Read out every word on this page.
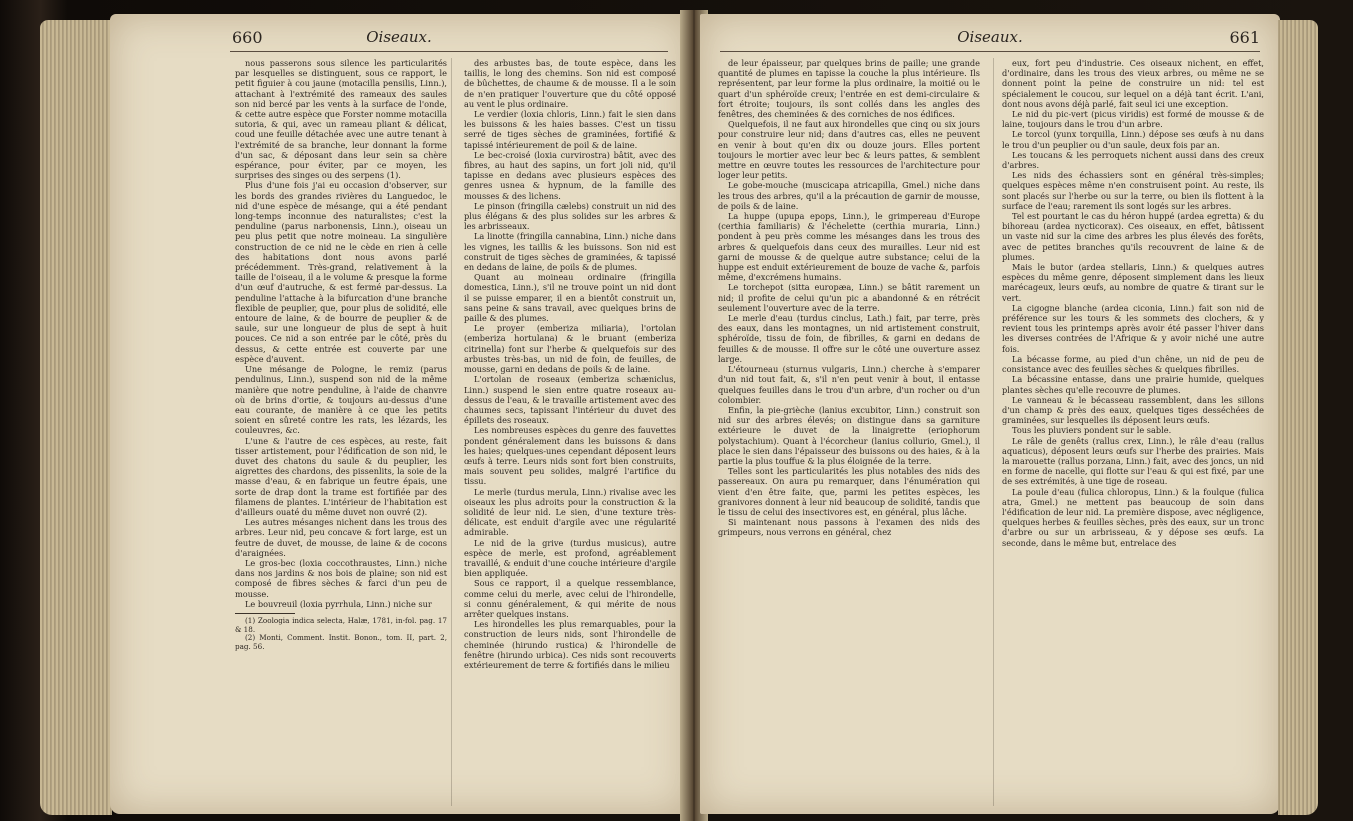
660	Oiseaux.

nous passerons sous silence les particularités par lesquelles se distinguent, sous ce rapport, le petit figuier à cou jaune (motacilla pensilis, Linn.), attachant à l'extrémité des rameaux des saules son nid bercé par les vents à la surface de l'onde, & cette autre espèce que Forster nomme motacilla sutoria, & qui, avec un rameau pliant & délicat, coud une feuille détachée avec une autre tenant à l'extrémité de sa branche, leur donnant la forme d'un sac, & déposant dans leur sein sa chère espérance, pour éviter, par ce moyen, les surprises des singes ou des serpens (1).

Plus d'une fois j'ai eu occasion d'observer, sur les bords des grandes rivières du Languedoc, le nid d'une espèce de mésange, qui a été pendant long-temps inconnue des naturalistes; c'est la penduline (parus narbonensis, Linn.), oiseau un peu plus petit que notre moineau. La singulière construction de ce nid ne le cède en rien à celle des habitations dont nous avons parlé précédemment. Très-grand, relativement à la taille de l'oiseau, il a le volume & presque la forme d'un œuf d'autruche, & est fermé par-dessus. La penduline l'attache à la bifurcation d'une branche flexible de peuplier, que, pour plus de solidité, elle entoure de laine, & de bourre de peuplier & de saule, sur une longueur de plus de sept à huit pouces. Ce nid a son entrée par le côté, près du dessus, & cette entrée est couverte par une espèce d'auvent.

Une mésange de Pologne, le remiz (parus pendulinus, Linn.), suspend son nid de la même manière que notre penduline, à l'aide de chanvre où de brins d'ortie, & toujours au-dessus d'une eau courante, de manière à ce que les petits soient en sûreté contre les rats, les lézards, les couleuvres, &c.

L'une & l'autre de ces espèces, au reste, fait tisser artistement, pour l'édification de son nid, le duvet des chatons du saule & du peuplier, les aigrettes des chardons, des pissenlits, la soie de la masse d'eau, & en fabrique un feutre épais, une sorte de drap dont la trame est fortifiée par des filamens de plantes. L'intérieur de l'habitation est d'ailleurs ouaté du même duvet non ouvré (2).

Les autres mésanges nichent dans les trous des arbres. Leur nid, peu concave & fort large, est un feutre de duvet, de mousse, de laine & de cocons d'araignées.

Le gros-bec (loxia coccothraustes, Linn.) niche dans nos jardins & nos bois de plaine; son nid est composé de fibres sèches & farci d'un peu de mousse.

Le bouvreuil (loxia pyrrhula, Linn.) niche sur

(1) Zoologia indica selecta, Halæ, 1781, in-fol. pag. 17 & 18.

(2) Monti, Comment. Instit. Bonon., tom. II, part. 2, pag. 56.

des arbustes bas, de toute espèce, dans les taillis, le long des chemins. Son nid est composé de bûchettes, de chaume & de mousse. Il a le soin de n'en pratiquer l'ouverture que du côté opposé au vent le plus ordinaire.

Le verdier (loxia chloris, Linn.) fait le sien dans les buissons & les haies basses. C'est un tissu serré de tiges sèches de graminées, fortifié & tapissé intérieurement de poil & de laine.

Le bec-croisé (loxia curvirostra) bâtit, avec des fibres, au haut des sapins, un fort joli nid, qu'il tapisse en dedans avec plusieurs espèces des genres usnea & hypnum, de la famille des mousses & des lichens.

Le pinson (fringilla cælebs) construit un nid des plus élégans & des plus solides sur les arbres & les arbrisseaux.

La linotte (fringilla cannabina, Linn.) niche dans les vignes, les taillis & les buissons. Son nid est construit de tiges sèches de graminées, & tapissé en dedans de laine, de poils & de plumes.

Quant au moineau ordinaire (fringilla domestica, Linn.), s'il ne trouve point un nid dont il se puisse emparer, il en a bientôt construit un, sans peine & sans travail, avec quelques brins de paille & des plumes.

Le proyer (emberiza miliaria), l'ortolan (emberiza hortulana) & le bruant (emberiza citrinella) font sur l'herbe & quelquefois sur des arbustes très-bas, un nid de foin, de feuilles, de mousse, garni en dedans de poils & de laine.

L'ortolan de roseaux (emberiza schæniclus, Linn.) suspend le sien entre quatre roseaux au-dessus de l'eau, & le travaille artistement avec des chaumes secs, tapissant l'intérieur du duvet des épillets des roseaux.

Les nombreuses espèces du genre des fauvettes pondent généralement dans les buissons & dans les haies; quelques-unes cependant déposent leurs œufs à terre. Leurs nids sont fort bien construits, mais souvent peu solides, malgré l'artifice du tissu.

Le merle (turdus merula, Linn.) rivalise avec les oiseaux les plus adroits pour la construction & la solidité de leur nid. Le sien, d'une texture très-délicate, est enduit d'argile avec une régularité admirable.

Le nid de la grive (turdus musicus), autre espèce de merle, est profond, agréablement travaillé, & enduit d'une couche intérieure d'argile bien appliquée.

Sous ce rapport, il a quelque ressemblance, comme celui du merle, avec celui de l'hirondelle, si connu généralement, & qui mérite de nous arrêter quelques instans.

Les hirondelles les plus remarquables, pour la construction de leurs nids, sont l'hirondelle de cheminée (hirundo rustica) & l'hirondelle de fenêtre (hirundo urbica). Ces nids sont recouverts extérieurement de terre & fortifiés dans le milieu

Oiseaux.	661

de leur épaisseur, par quelques brins de paille; une grande quantité de plumes en tapisse la couche la plus intérieure. Ils représentent, par leur forme la plus ordinaire, la moitié ou le quart d'un sphéroïde creux; l'entrée en est demi-circulaire & fort étroite; toujours, ils sont collés dans les angles des fenêtres, des cheminées & des corniches de nos édifices.

Quelquefois, il ne faut aux hirondelles que cinq ou six jours pour construire leur nid; dans d'autres cas, elles ne peuvent en venir à bout qu'en dix ou douze jours. Elles portent toujours le mortier avec leur bec & leurs pattes, & semblent mettre en œuvre toutes les ressources de l'architecture pour loger leur petits.

Le gobe-mouche (muscicapa atricapilla, Gmel.) niche dans les trous des arbres, qu'il a la précaution de garnir de mousse, de poils & de laine.

La huppe (upupa epops, Linn.), le grimpereau d'Europe (certhia familiaris) & l'échelette (certhia muraria, Linn.) pondent à peu près comme les mésanges dans les trous des arbres & quelquefois dans ceux des murailles. Leur nid est garni de mousse & de quelque autre substance; celui de la huppe est enduit extérieurement de bouze de vache &, parfois même, d'excrémens humains.

Le torchepot (sitta europæa, Linn.) se bâtit rarement un nid; il profite de celui qu'un pic a abandonné & en rétrécit seulement l'ouverture avec de la terre.

Le merle d'eau (turdus cinclus, Lath.) fait, par terre, près des eaux, dans les montagnes, un nid artistement construit, sphéroïde, tissu de foin, de fibrilles, & garni en dedans de feuilles & de mousse. Il offre sur le côté une ouverture assez large.

L'étourneau (sturnus vulgaris, Linn.) cherche à s'emparer d'un nid tout fait, &, s'il n'en peut venir à bout, il entasse quelques feuilles dans le trou d'un arbre, d'un rocher ou d'un colombier.

Enfin, la pie-grièche (lanius excubitor, Linn.) construit son nid sur des arbres élevés; on distingue dans sa garniture extérieure le duvet de la linaigrette (eriophorum polystachium). Quant à l'écorcheur (lanius collurio, Gmel.), il place le sien dans l'épaisseur des buissons ou des haies, & à la partie la plus touffue & la plus éloignée de la terre.

Telles sont les particularités les plus notables des nids des passereaux. On aura pu remarquer, dans l'énumération qui vient d'en être faite, que, parmi les petites espèces, les granivores donnent à leur nid beaucoup de solidité, tandis que le tissu de celui des insectivores est, en général, plus lâche.

Si maintenant nous passons à l'examen des nids des grimpeurs, nous verrons en général, chez

eux, fort peu d'industrie. Ces oiseaux nichent, en effet, d'ordinaire, dans les trous des vieux arbres, ou même ne se donnent point la peine de construire un nid: tel est spécialement le coucou, sur lequel on a déjà tant écrit. L'ani, dont nous avons déjà parlé, fait seul ici une exception.

Le nid du pic-vert (picus viridis) est formé de mousse & de laine, toujours dans le trou d'un arbre.

Le torcol (yunx torquilla, Linn.) dépose ses œufs à nu dans le trou d'un peuplier ou d'un saule, deux fois par an.

Les toucans & les perroquets nichent aussi dans des creux d'arbres.

Les nids des échassiers sont en général très-simples; quelques espèces même n'en construisent point. Au reste, ils sont placés sur l'herbe ou sur la terre, ou bien ils flottent à la surface de l'eau; rarement ils sont logés sur les arbres.

Tel est pourtant le cas du héron huppé (ardea egretta) & du bihoreau (ardea nycticorax). Ces oiseaux, en effet, bâtissent un vaste nid sur la cime des arbres les plus élevés des forêts, avec de petites branches qu'ils recouvrent de laine & de plumes.

Mais le butor (ardea stellaris, Linn.) & quelques autres espèces du même genre, déposent simplement dans les lieux marécageux, leurs œufs, au nombre de quatre & tirant sur le vert.

La cigogne blanche (ardea ciconia, Linn.) fait son nid de préférence sur les tours & les sommets des clochers, & y revient tous les printemps après avoir été passer l'hiver dans les diverses contrées de l'Afrique & y avoir niché une autre fois.

La bécasse forme, au pied d'un chêne, un nid de peu de consistance avec des feuilles sèches & quelques fibrilles.

La bécassine entasse, dans une prairie humide, quelques plantes sèches qu'elle recouvre de plumes.

Le vanneau & le bécasseau rassemblent, dans les sillons d'un champ & près des eaux, quelques tiges desséchées de graminées, sur lesquelles ils déposent leurs œufs.

Tous les pluviers pondent sur le sable.

Le râle de genêts (rallus crex, Linn.), le râle d'eau (rallus aquaticus), déposent leurs œufs sur l'herbe des prairies. Mais la marouette (rallus porzana, Linn.) fait, avec des joncs, un nid en forme de nacelle, qui flotte sur l'eau & qui est fixé, par une de ses extrémités, à une tige de roseau.

La poule d'eau (fulica chloropus, Linn.) & la foulque (fulica atra, Gmel.) ne mettent pas beaucoup de soin dans l'édification de leur nid. La première dispose, avec négligence, quelques herbes & feuilles sèches, près des eaux, sur un tronc d'arbre ou sur un arbrisseau, & y dépose ses œufs. La seconde, dans le même but, entrelace des
